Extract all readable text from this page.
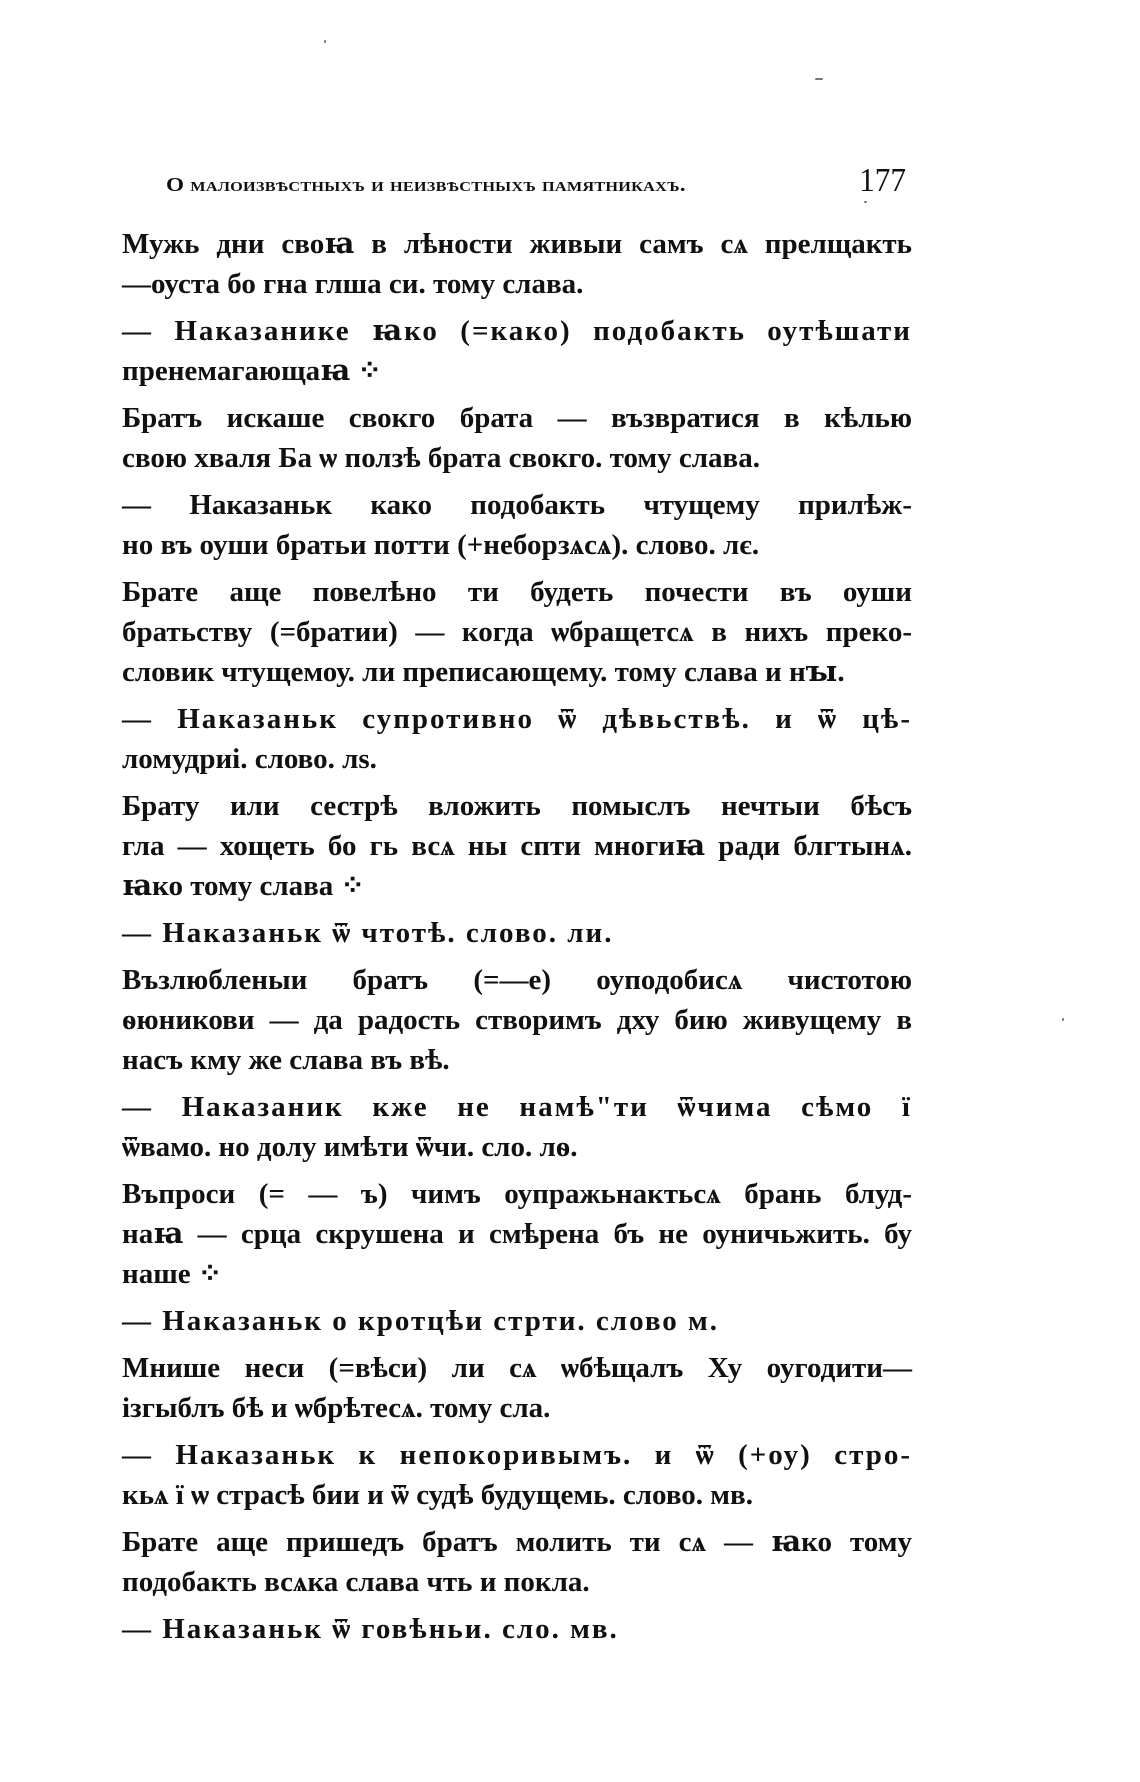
О малоизвѣстныхъ и неизвѣстныхъ памятникахъ.	177
Мужь дни своꙗ в лѣности живыи самъ сѧ прелщакть
—оуста бо гна глша си. тому слава.
— Наказанике ꙗко (=како) подобакть оутѣшати
пренемагающаꙗ ⁘
Братъ искаше свокго брата — възвратися в кѣлью
свою хваля Ба ѡ ползѣ брата свокго. тому слава.
— Наказаньк како подобакть чтущему прилѣж-
но въ оуши братьи потти (+неборзѧсѧ). слово. лє.
Брате аще повелѣно ти будеть почести въ оуши
братьству (=братии) — когда ѡбращетсѧ в нихъ преко-
словик чтущемоу. ли преписающему. тому слава и нꙑ.
— Наказаньк супротивно ѿ дѣвьствѣ. и ѿ цѣ-
ломудриі. слово. лѕ.
Брату или сестрѣ вложить помыслъ нечтыи бѣсъ
гла — хощеть бо гь всѧ ны спти многиꙗ ради блгтынѧ.
ꙗко тому слава ⁘
— Наказаньк ѿ чтотѣ. слово. ли.
Възлюбленыи братъ (=—е) оуподобисѧ чистотою
ѳюникови — да радость створимъ дху бию живущему в
насъ кму же слава въ вѣ.
— Наказаник кже не намѣ"ти ѿчима сѣмо ї
ѿвамо. но долу имѣти ѿчи. сло. лѳ.
Въпроси (= — ъ) чимъ оупражьнактьсѧ брань блуд-
наꙗ — срца скрушена и смѣрена бъ не оуничьжить. бу
наше ⁘
— Наказаньк о кротцѣи стрти. слово м.
Мнише неси (=вѣси) ли сѧ ѡбѣщалъ Ху оугодити—
ізгыблъ бѣ и ѡбрѣтесѧ. тому сла.
— Наказаньк к непокоривымъ. и ѿ (+оу) стро-
кьѧ ї ѡ страсѣ бии и ѿ судѣ будущемь. слово. мв.
Брате аще пришедъ братъ молить ти сѧ — ꙗко тому
подобакть всѧка слава чть и покла.
— Наказаньк ѿ говѣньи. сло. мв.
